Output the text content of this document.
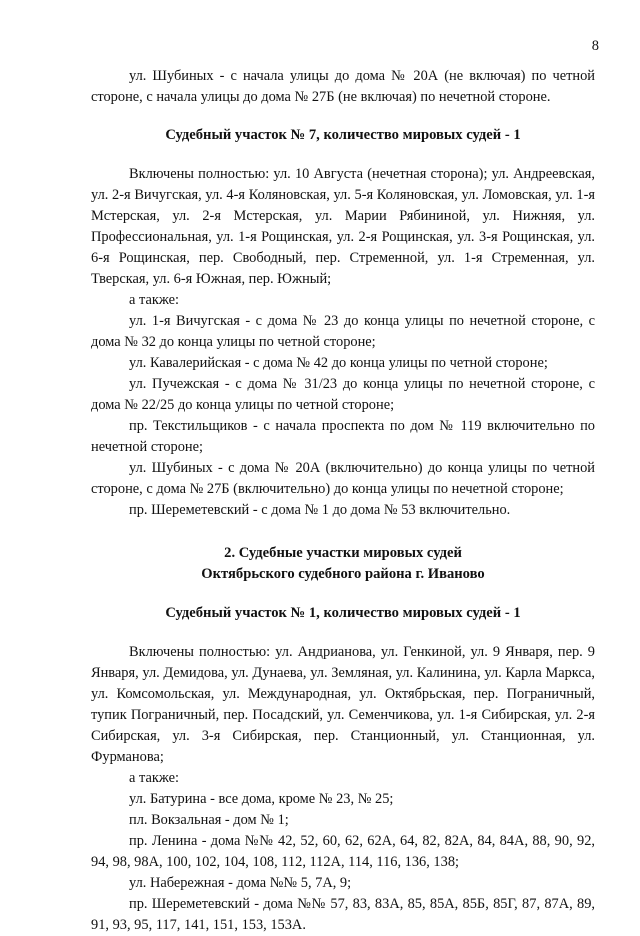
8

ул. Шубиных - с начала улицы до дома № 20А (не включая) по четной стороне, с начала улицы до дома № 27Б (не включая) по нечетной стороне.

Судебный участок № 7, количество мировых судей - 1

Включены полностью: ул. 10 Августа (нечетная сторона); ул. Андреевская, ул. 2-я Вичугская, ул. 4-я Коляновская, ул. 5-я Коляновская, ул. Ломовская, ул. 1-я Мстерская, ул. 2-я Мстерская, ул. Марии Рябининой, ул. Нижняя, ул. Профессиональная, ул. 1-я Рощинская, ул. 2-я Рощинская, ул. 3-я Рощинская, ул. 6-я Рощинская, пер. Свободный, пер. Стременной, ул. 1-я Стременная, ул. Тверская, ул. 6-я Южная, пер. Южный;

а также:

ул. 1-я Вичугская - с дома № 23 до конца улицы по нечетной стороне, с дома № 32 до конца улицы по четной стороне;

ул. Кавалерийская - с дома № 42 до конца улицы по четной стороне;

ул. Пучежская - с дома № 31/23 до конца улицы по нечетной стороне, с дома № 22/25 до конца улицы по четной стороне;

пр. Текстильщиков - с начала проспекта по дом № 119 включительно по нечетной стороне;

ул. Шубиных - с дома № 20А (включительно) до конца улицы по четной стороне, с дома № 27Б (включительно) до конца улицы по нечетной стороне;

пр. Шереметевский - с дома № 1 до дома № 53 включительно.

2. Судебные участки мировых судей

Октябрьского судебного района г. Иваново

Судебный участок № 1, количество мировых судей - 1

Включены полностью: ул. Андрианова, ул. Генкиной, ул. 9 Января, пер. 9 Января, ул. Демидова, ул. Дунаева, ул. Земляная, ул. Калинина, ул. Карла Маркса, ул. Комсомольская, ул. Международная, ул. Октябрьская, пер. Пограничный, тупик Пограничный, пер. Посадский, ул. Семенчикова, ул. 1-я Сибирская, ул. 2-я Сибирская, ул. 3-я Сибирская, пер. Станционный, ул. Станционная, ул. Фурманова;

а также:

ул. Батурина - все дома, кроме № 23, № 25;

пл. Вокзальная - дом № 1;

пр. Ленина - дома №№ 42, 52, 60, 62, 62А, 64, 82, 82А, 84, 84А, 88, 90, 92, 94, 98, 98А, 100, 102, 104, 108, 112, 112А, 114, 116, 136, 138;

ул. Набережная - дома №№ 5, 7А, 9;

пр. Шереметевский - дома №№ 57, 83, 83А, 85, 85А, 85Б, 85Г, 87, 87А, 89, 91, 93, 95, 117, 141, 151, 153, 153А.
